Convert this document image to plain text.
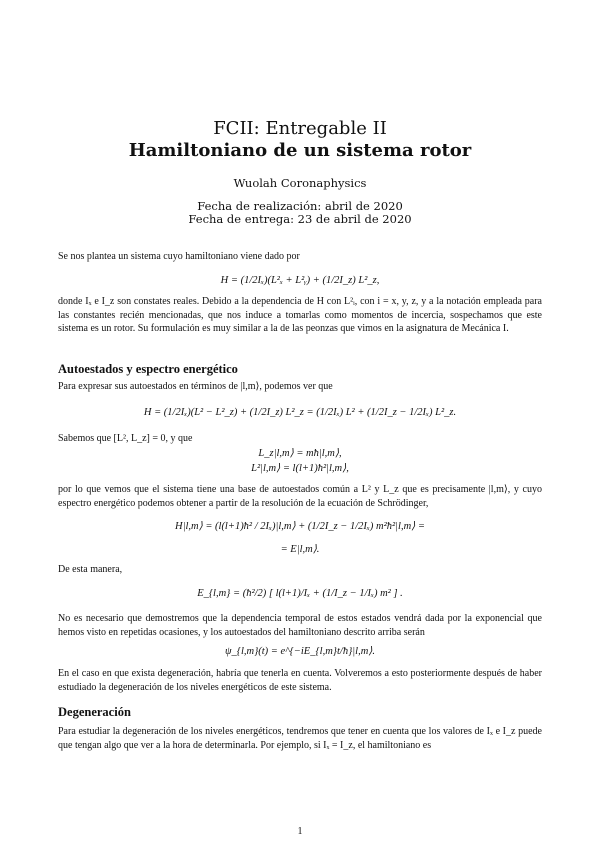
FCII: Entregable II
Hamiltoniano de un sistema rotor
Wuolah Coronaphysics
Fecha de realización: abril de 2020
Fecha de entrega: 23 de abril de 2020
Se nos plantea un sistema cuyo hamiltoniano viene dado por
H = (1/2Iₓ)(L²ₓ + L²ᵧ) + (1/2I_z) L²_z,
donde Iₓ e I_z son constates reales. Debido a la dependencia de H con L²ᵢ, con i = x, y, z, y a la notación empleada para las constantes recién mencionadas, que nos induce a tomarlas como momentos de incercia, sospechamos que este sistema es un rotor. Su formulación es muy similar a la de las peonzas que vimos en la asignatura de Mecánica I.
Autoestados y espectro energético
Para expresar sus autoestados en términos de |l,m⟩, podemos ver que
H = (1/2Iₓ)(L² − L²_z) + (1/2I_z) L²_z = (1/2Iₓ) L² + (1/2I_z − 1/2Iₓ) L²_z.
Sabemos que [L², L_z] = 0, y que
L_z|l,m⟩ = mħ|l,m⟩,
L²|l,m⟩ = l(l+1)ħ²|l,m⟩,
por lo que vemos que el sistema tiene una base de autoestados común a L² y L_z que es precisamente |l,m⟩, y cuyo espectro energético podemos obtener a partir de la resolución de la ecuación de Schrödinger,
H|l,m⟩ = (l(l+1)ħ² / 2Iₓ)|l,m⟩ + (1/2I_z − 1/2Iₓ) m²ħ²|l,m⟩ =
= E|l,m⟩.
De esta manera,
E_{l,m} = (ħ²/2) [ l(l+1)/Iₓ + (1/I_z − 1/Iₓ) m² ] .
No es necesario que demostremos que la dependencia temporal de estos estados vendrá dada por la exponencial que hemos visto en repetidas ocasiones, y los autoestados del hamiltoniano descrito arriba serán
ψ_{l,m}(t) = e^{−iE_{l,m}t/ħ}|l,m⟩.
En el caso en que exista degeneración, habría que tenerla en cuenta. Volveremos a esto posteriormente después de haber estudiado la degeneración de los niveles energéticos de este sistema.
Degeneración
Para estudiar la degeneración de los niveles energéticos, tendremos que tener en cuenta que los valores de Iₓ e I_z puede que tengan algo que ver a la hora de determinarla. Por ejemplo, si Iₓ = I_z, el hamiltoniano es
1
